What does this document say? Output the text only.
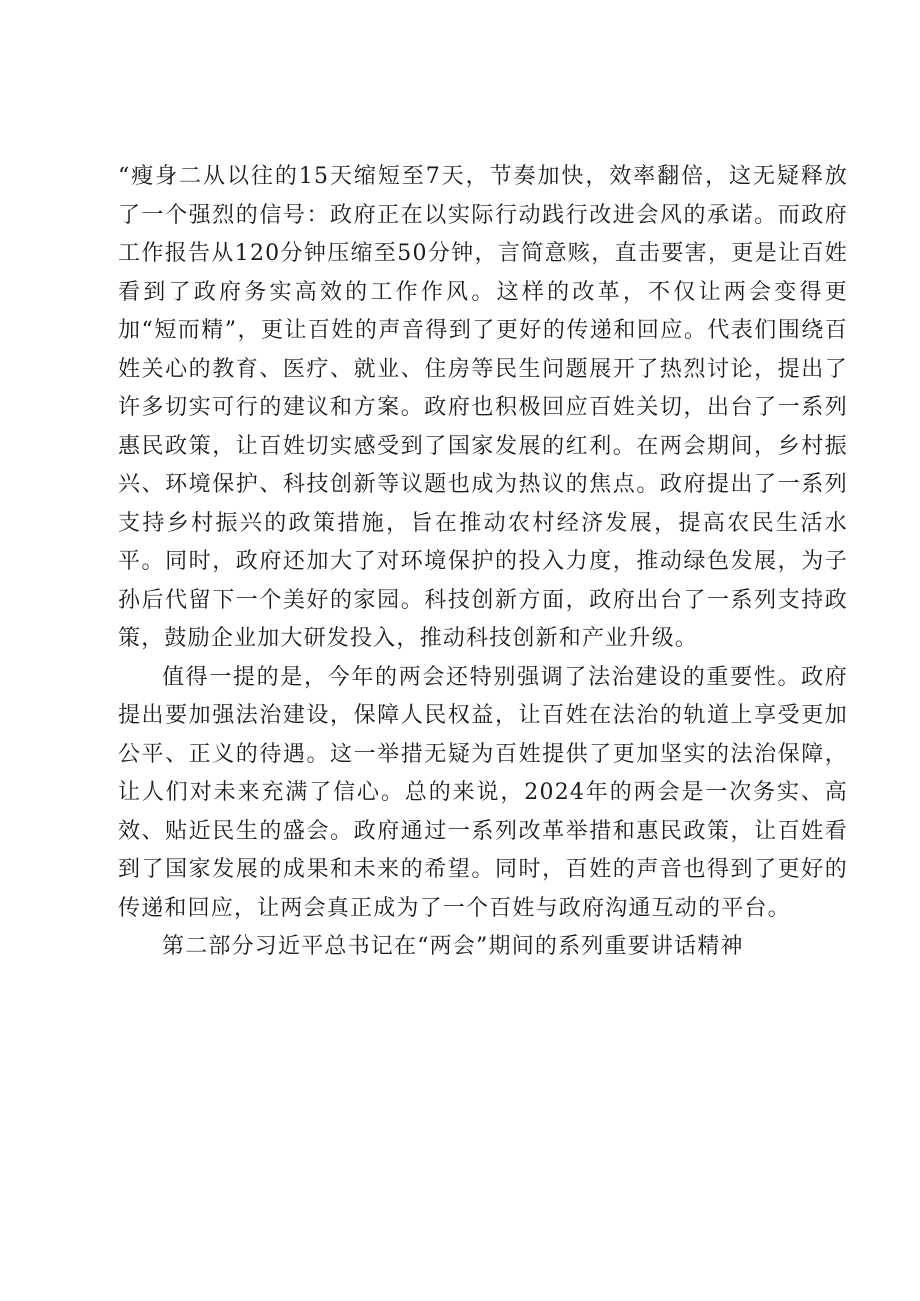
“瘦身二从以往的15天缩短至7天，节奏加快，效率翻倍，这无疑释放了一个强烈的信号：政府正在以实际行动践行改进会风的承诺。而政府工作报告从120分钟压缩至50分钟，言简意赅，直击要害，更是让百姓看到了政府务实高效的工作作风。这样的改革，不仅让两会变得更加“短而精”，更让百姓的声音得到了更好的传递和回应。代表们围绕百姓关心的教育、医疗、就业、住房等民生问题展开了热烈讨论，提出了许多切实可行的建议和方案。政府也积极回应百姓关切，出台了一系列惠民政策，让百姓切实感受到了国家发展的红利。在两会期间，乡村振兴、环境保护、科技创新等议题也成为热议的焦点。政府提出了一系列支持乡村振兴的政策措施，旨在推动农村经济发展，提高农民生活水平。同时，政府还加大了对环境保护的投入力度，推动绿色发展，为子孙后代留下一个美好的家园。科技创新方面，政府出台了一系列支持政策，鼓励企业加大研发投入，推动科技创新和产业升级。

值得一提的是，今年的两会还特别强调了法治建设的重要性。政府提出要加强法治建设，保障人民权益，让百姓在法治的轨道上享受更加公平、正义的待遇。这一举措无疑为百姓提供了更加坚实的法治保障，让人们对未来充满了信心。总的来说，2024年的两会是一次务实、高效、贴近民生的盛会。政府通过一系列改革举措和惠民政策，让百姓看到了国家发展的成果和未来的希望。同时，百姓的声音也得到了更好的传递和回应，让两会真正成为了一个百姓与政府沟通互动的平台。

第二部分习近平总书记在“两会”期间的系列重要讲话精神
